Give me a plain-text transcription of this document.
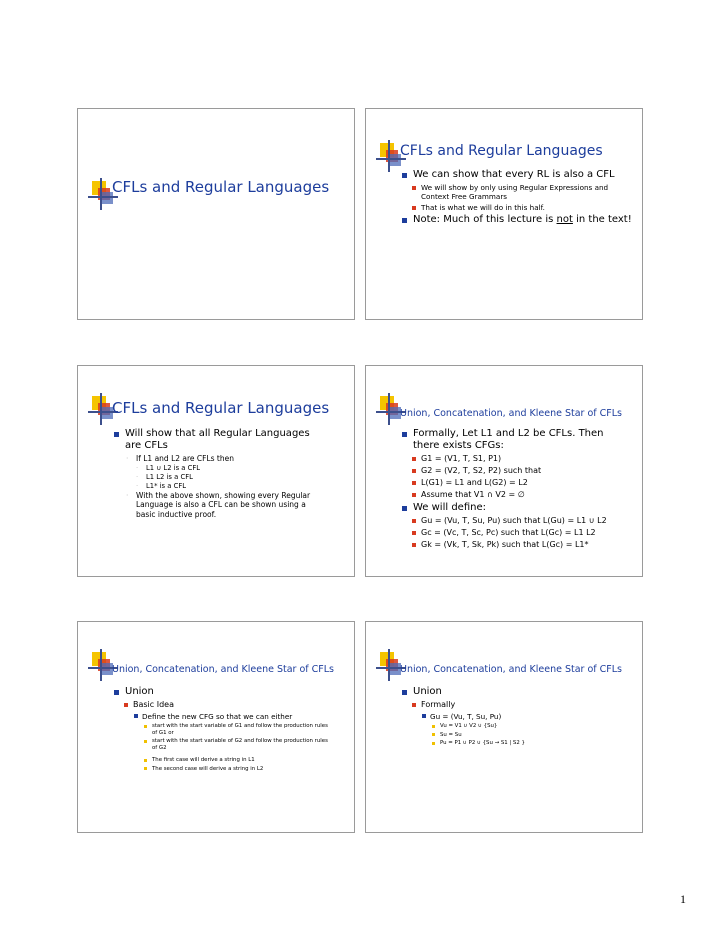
CFLs and Regular Languages
CFLs and Regular Languages
We can show that every RL is also a CFL
We will show by only using Regular Expressions and Context Free Grammars
That is what we will do in this half.
Note: Much of this lecture is not in the text!
CFLs and Regular Languages
Will show that all Regular Languages are CFLs
· If L1 and L2 are CFLs then
· L1 ∪ L2 is a CFL
· L1 L2 is a CFL
· L1* is a CFL
· With the above shown, showing every Regular Language is also a CFL can be shown using a basic inductive proof.
Union, Concatenation, and Kleene Star of CFLs
Formally, Let L1 and L2 be CFLs. Then there exists CFGs:
G1 = (V1, T, S1, P1)
G2 = (V2, T, S2, P2) such that
L(G1) = L1 and L(G2) = L2
Assume that V1 ∩ V2 = ∅
We will define:
Gu = (Vu, T, Su, Pu) such that L(Gu) = L1 ∪ L2
Gc = (Vc, T, Sc, Pc) such that L(Gc) = L1 L2
Gk = (Vk, T, Sk, Pk) such that L(Gc) = L1*
Union, Concatenation, and Kleene Star of CFLs
Union
Basic Idea
Define the new CFG so that we can either
start with the start variable of G1 and follow the production rules of G1 or
start with the start variable of G2 and follow the production rules of G2
The first case will derive a string in L1
The second case will derive a string in L2
Union, Concatenation, and Kleene Star of CFLs
Union
Formally
Gu = (Vu, T, Su, Pu)
Vu = V1 ∪ V2 ∪ {Su}
Su = Su
Pu = P1 ∪ P2 ∪ {Su → S1 | S2 }
1
